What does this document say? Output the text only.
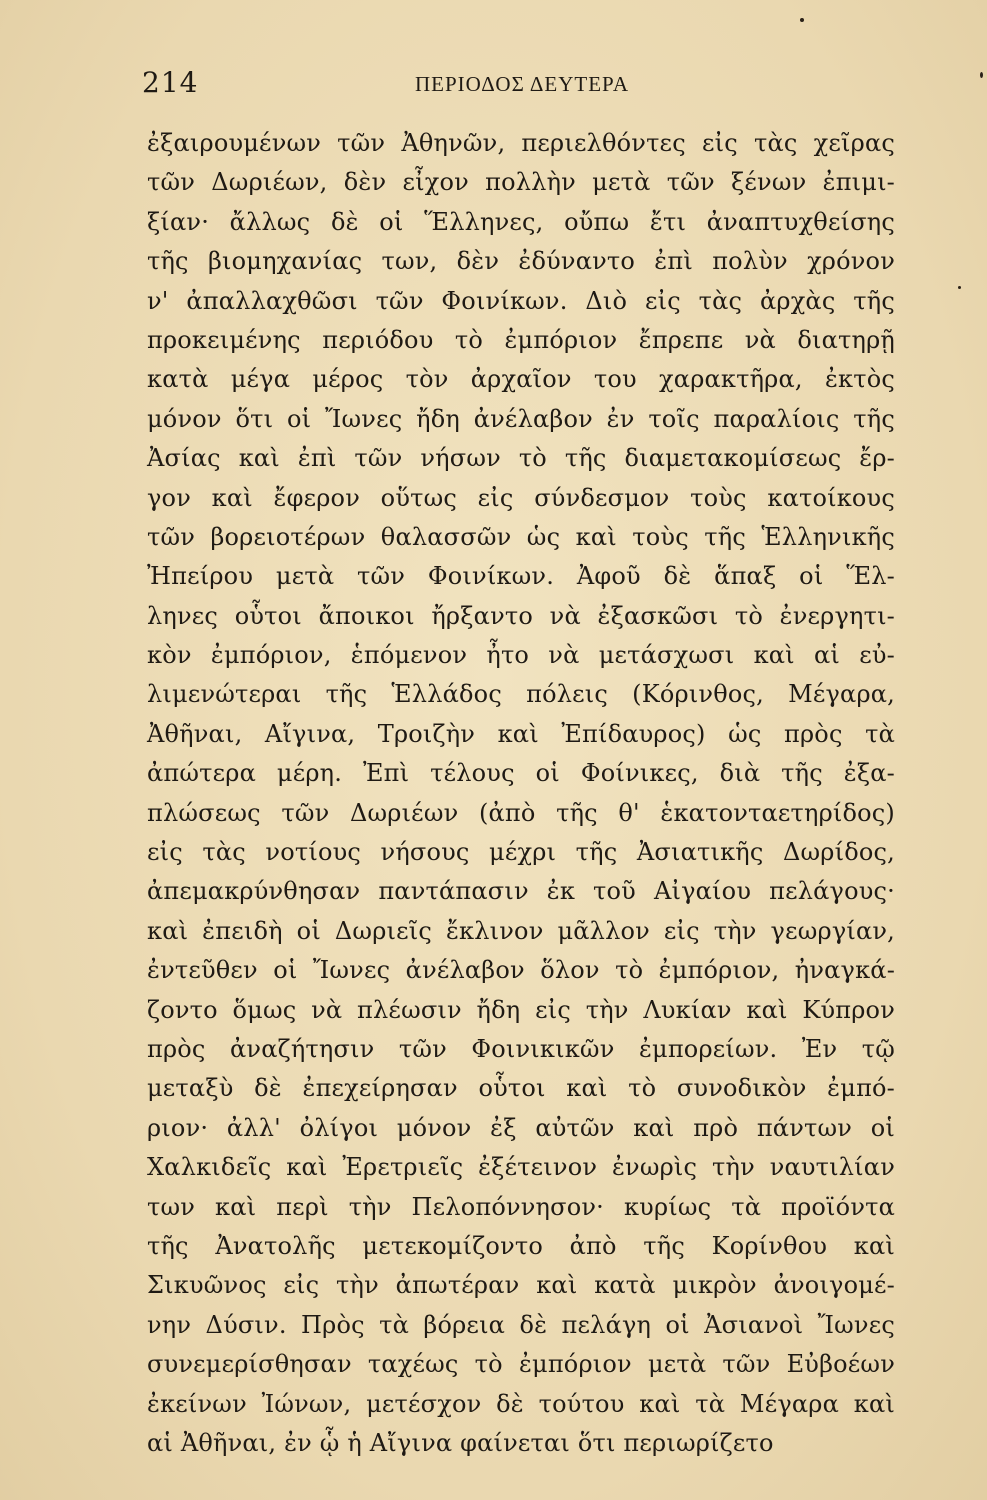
214	ΠΕΡΙΟΔΟΣ ΔΕΥΤΕΡΑ
ἐξαιρουμένων τῶν Ἀθηνῶν, περιελθόντες εἰς τὰς χεῖρας
τῶν Δωριέων, δὲν εἶχον πολλὴν μετὰ τῶν ξένων ἐπιμι-
ξίαν· ἄλλως δὲ οἱ Ἕλληνες, οὔπω ἔτι ἀναπτυχθείσης
τῆς βιομηχανίας των, δὲν ἐδύναντο ἐπὶ πολὺν χρόνον
ν' ἀπαλλαχθῶσι τῶν Φοινίκων. Διὸ εἰς τὰς ἀρχὰς τῆς
προκειμένης περιόδου τὸ ἐμπόριον ἔπρεπε νὰ διατηρῇ
κατὰ μέγα μέρος τὸν ἀρχαῖον του χαρακτῆρα, ἐκτὸς
μόνον ὅτι οἱ Ἴωνες ἤδη ἀνέλαβον ἐν τοῖς παραλίοις τῆς
Ἀσίας καὶ ἐπὶ τῶν νήσων τὸ τῆς διαμετακομίσεως ἔρ-
γον καὶ ἔφερον οὕτως εἰς σύνδεσμον τοὺς κατοίκους
τῶν βορειοτέρων θαλασσῶν ὡς καὶ τοὺς τῆς Ἑλληνικῆς
Ἠπείρου μετὰ τῶν Φοινίκων. Ἀφοῦ δὲ ἅπαξ οἱ Ἕλ-
ληνες οὗτοι ἄποικοι ἤρξαντο νὰ ἐξασκῶσι τὸ ἐνεργητι-
κὸν ἐμπόριον, ἑπόμενον ἦτο νὰ μετάσχωσι καὶ αἱ εὐ-
λιμενώτεραι τῆς Ἑλλάδος πόλεις (Κόρινθος, Μέγαρα,
Ἀθῆναι, Αἴγινα, Τροιζὴν καὶ Ἐπίδαυρος) ὡς πρὸς τὰ
ἀπώτερα μέρη. Ἐπὶ τέλους οἱ Φοίνικες, διὰ τῆς ἐξα-
πλώσεως τῶν Δωριέων (ἀπὸ τῆς θ' ἑκατονταετηρίδος)
εἰς τὰς νοτίους νήσους μέχρι τῆς Ἀσιατικῆς Δωρίδος,
ἀπεμακρύνθησαν παντάπασιν ἐκ τοῦ Αἰγαίου πελάγους·
καὶ ἐπειδὴ οἱ Δωριεῖς ἔκλινον μᾶλλον εἰς τὴν γεωργίαν,
ἐντεῦθεν οἱ Ἴωνες ἀνέλαβον ὅλον τὸ ἐμπόριον, ἠναγκά-
ζοντο ὅμως νὰ πλέωσιν ἤδη εἰς τὴν Λυκίαν καὶ Κύπρον
πρὸς ἀναζήτησιν τῶν Φοινικικῶν ἐμπορείων. Ἐν τῷ
μεταξὺ δὲ ἐπεχείρησαν οὗτοι καὶ τὸ συνοδικὸν ἐμπό-
ριον· ἀλλ' ὀλίγοι μόνον ἐξ αὐτῶν καὶ πρὸ πάντων οἱ
Χαλκιδεῖς καὶ Ἐρετριεῖς ἐξέτεινον ἐνωρὶς τὴν ναυτιλίαν
των καὶ περὶ τὴν Πελοπόννησον· κυρίως τὰ προϊόντα
τῆς Ἀνατολῆς μετεκομίζοντο ἀπὸ τῆς Κορίνθου καὶ
Σικυῶνος εἰς τὴν ἀπωτέραν καὶ κατὰ μικρὸν ἀνοιγομέ-
νην Δύσιν. Πρὸς τὰ βόρεια δὲ πελάγη οἱ Ἀσιανοὶ Ἴωνες
συνεμερίσθησαν ταχέως τὸ ἐμπόριον μετὰ τῶν Εὐβοέων
ἐκείνων Ἰώνων, μετέσχον δὲ τούτου καὶ τὰ Μέγαρα καὶ
αἱ Ἀθῆναι, ἐν ᾧ ἡ Αἴγινα φαίνεται ὅτι περιωρίζετο
